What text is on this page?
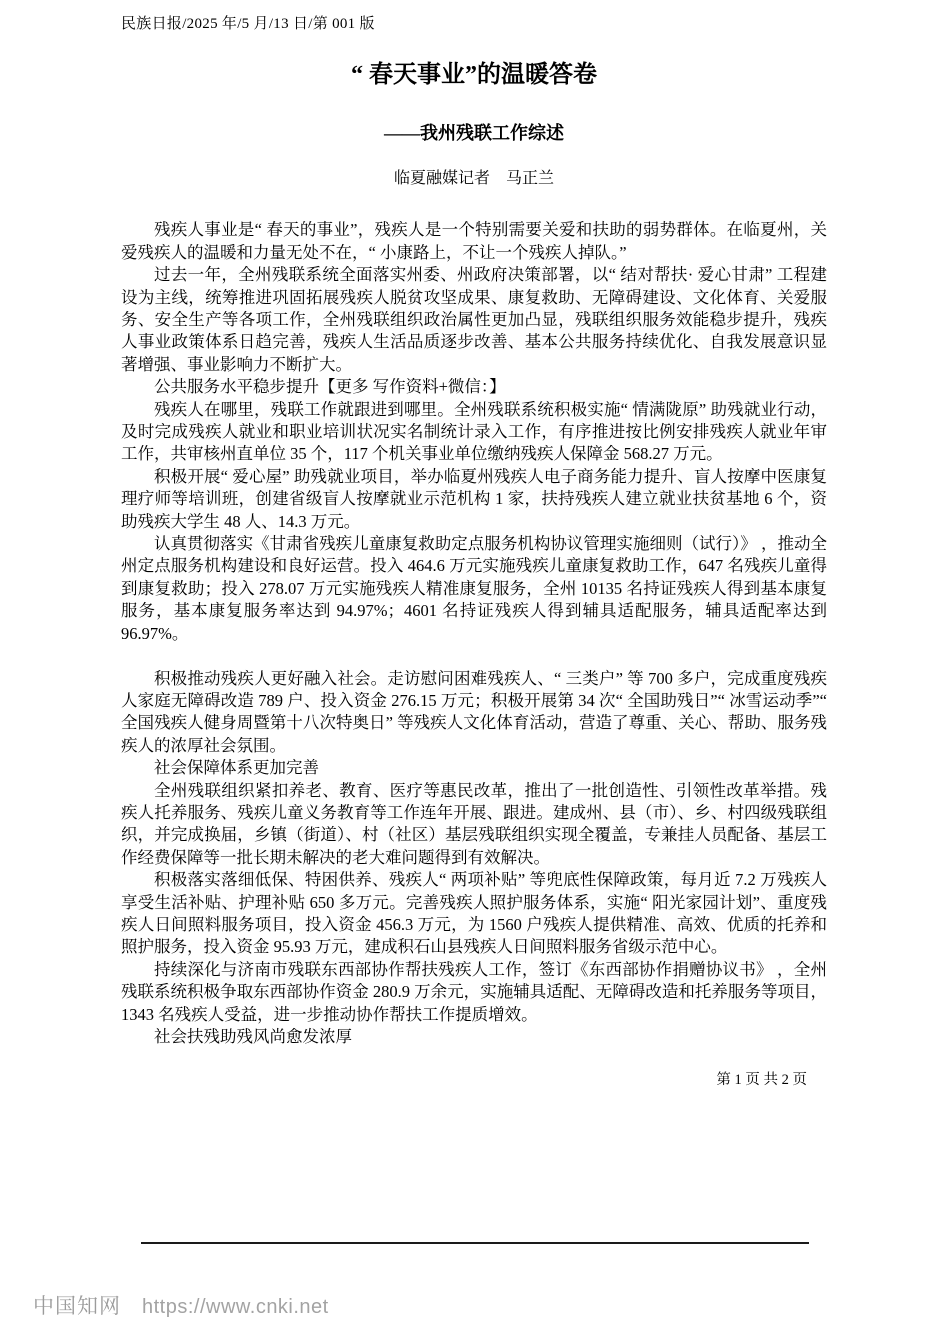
民族日报/2025 年/5 月/13 日/第 001 版
“ 春天事业”的温暖答卷
——我州残联工作综述
临夏融媒记者　马正兰

残疾人事业是“ 春天的事业”，残疾人是一个特别需要关爱和扶助的弱势群体。在临夏州，关爱残疾人的温暖和力量无处不在，“ 小康路上，不让一个残疾人掉队。”

过去一年，全州残联系统全面落实州委、州政府决策部署，以“ 结对帮扶· 爱心甘肃” 工程建设为主线，统筹推进巩固拓展残疾人脱贫攻坚成果、康复救助、无障碍建设、文化体育、关爱服务、安全生产等各项工作，全州残联组织政治属性更加凸显，残联组织服务效能稳步提升，残疾人事业政策体系日趋完善，残疾人生活品质逐步改善、基本公共服务持续优化、自我发展意识显著增强、事业影响力不断扩大。

公共服务水平稳步提升【更多 写作资料+微信：】

残疾人在哪里，残联工作就跟进到哪里。全州残联系统积极实施“ 情满陇原” 助残就业行动，及时完成残疾人就业和职业培训状况实名制统计录入工作，有序推进按比例安排残疾人就业年审工作，共审核州直单位 35 个，117 个机关事业单位缴纳残疾人保障金 568.27 万元。

积极开展“ 爱心屋” 助残就业项目，举办临夏州残疾人电子商务能力提升、盲人按摩中医康复理疗师等培训班，创建省级盲人按摩就业示范机构 1 家，扶持残疾人建立就业扶贫基地 6 个，资助残疾大学生 48 人、14.3 万元。

认真贯彻落实《甘肃省残疾儿童康复救助定点服务机构协议管理实施细则（试行）》 ，推动全州定点服务机构建设和良好运营。投入 464.6 万元实施残疾儿童康复救助工作，647 名残疾儿童得到康复救助；投入 278.07 万元实施残疾人精准康复服务，全州 10135 名持证残疾人得到基本康复服务，基本康复服务率达到 94.97%；4601 名持证残疾人得到辅具适配服务，辅具适配率达到 96.97%。

积极推动残疾人更好融入社会。走访慰问困难残疾人、“ 三类户” 等 700 多户，完成重度残疾人家庭无障碍改造 789 户、投入资金 276.15 万元；积极开展第 34 次“ 全国助残日”“ 冰雪运动季”“ 全国残疾人健身周暨第十八次特奥日” 等残疾人文化体育活动，营造了尊重、关心、帮助、服务残疾人的浓厚社会氛围。

社会保障体系更加完善

全州残联组织紧扣养老、教育、医疗等惠民改革，推出了一批创造性、引领性改革举措。残疾人托养服务、残疾儿童义务教育等工作连年开展、跟进。建成州、县（市）、乡、村四级残联组织，并完成换届，乡镇（街道）、村（社区）基层残联组织实现全覆盖，专兼挂人员配备、基层工作经费保障等一批长期未解决的老大难问题得到有效解决。

积极落实落细低保、特困供养、残疾人“ 两项补贴” 等兜底性保障政策，每月近 7.2 万残疾人享受生活补贴、护理补贴 650 多万元。完善残疾人照护服务体系，实施“ 阳光家园计划”、重度残疾人日间照料服务项目，投入资金 456.3 万元，为 1560 户残疾人提供精准、高效、优质的托养和照护服务，投入资金 95.93 万元，建成积石山县残疾人日间照料服务省级示范中心。

持续深化与济南市残联东西部协作帮扶残疾人工作，签订《东西部协作捐赠协议书》 ，全州残联系统积极争取东西部协作资金 280.9 万余元，实施辅具适配、无障碍改造和托养服务等项目，1343 名残疾人受益，进一步推动协作帮扶工作提质增效。

社会扶残助残风尚愈发浓厚

第 1 页 共 2 页
中国知网 https://www.cnki.net
